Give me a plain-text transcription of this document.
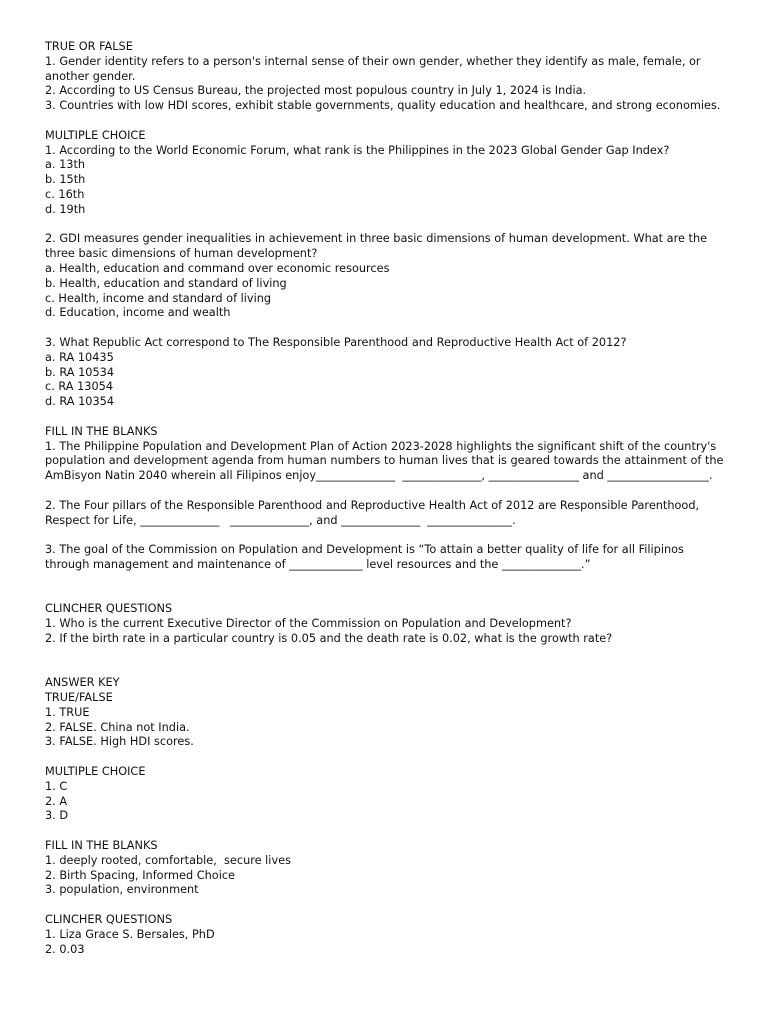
TRUE OR FALSE
1. Gender identity refers to a person's internal sense of their own gender, whether they identify as male, female, or another gender.
2. According to US Census Bureau, the projected most populous country in July 1, 2024 is India.
3. Countries with low HDI scores, exhibit stable governments, quality education and healthcare, and strong economies.
MULTIPLE CHOICE
1. According to the World Economic Forum, what rank is the Philippines in the 2023 Global Gender Gap Index?
a. 13th
b. 15th
c. 16th
d. 19th
2. GDI measures gender inequalities in achievement in three basic dimensions of human development. What are the three basic dimensions of human development?
a. Health, education and command over economic resources
b. Health, education and standard of living
c. Health, income and standard of living
d. Education, income and wealth
3. What Republic Act correspond to The Responsible Parenthood and Reproductive Health Act of 2012?
a. RA 10435
b. RA 10534
c. RA 13054
d. RA 10354
FILL IN THE BLANKS
1. The Philippine Population and Development Plan of Action 2023-2028 highlights the significant shift of the country's population and development agenda from human numbers to human lives that is geared towards the attainment of the AmBisyon Natin 2040 wherein all Filipinos enjoy______________  ______________, ________________ and __________________.
2. The Four pillars of the Responsible Parenthood and Reproductive Health Act of 2012 are Responsible Parenthood, Respect for Life, ______________   ______________, and ______________  _______________.
3. The goal of the Commission on Population and Development is “To attain a better quality of life for all Filipinos through management and maintenance of _____________ level resources and the ______________.”
CLINCHER QUESTIONS
1. Who is the current Executive Director of the Commission on Population and Development?
2. If the birth rate in a particular country is 0.05 and the death rate is 0.02, what is the growth rate?
ANSWER KEY
TRUE/FALSE
1. TRUE
2. FALSE. China not India.
3. FALSE. High HDI scores.
MULTIPLE CHOICE
1. C
2. A
3. D
FILL IN THE BLANKS
1. deeply rooted, comfortable,  secure lives
2. Birth Spacing, Informed Choice
3. population, environment
CLINCHER QUESTIONS
1. Liza Grace S. Bersales, PhD
2. 0.03
